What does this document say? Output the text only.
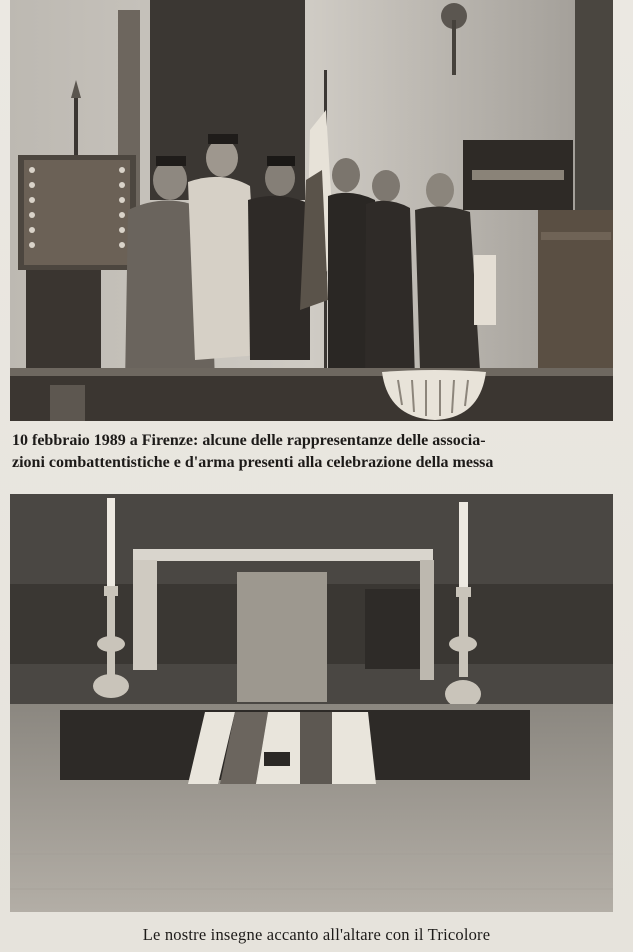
10 febbraio 1989 a Firenze: alcune delle rappresentanze delle associa-
zioni combattentistiche e d'arma presenti alla celebrazione della messa
Le nostre insegne accanto all'altare con il Tricolore
